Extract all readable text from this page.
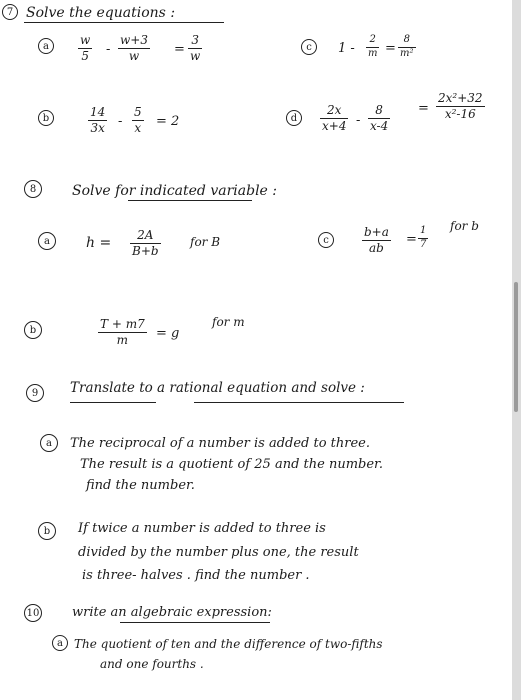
7 Solve the equations :
a	w
5 -
w+3
w	=
3
w
c	1 -
2
m =
8
m²
b	14
3x -
5
x = 2	d
2x
x+4 -
8
x-4
=
2x²+32
x²-16
8	Solve for indicated variable :
a	h = 2A
B+b
for B	c
b+a
ab
=
1
7
for b
b	T + m7
m = g
for m
9	Translate to a rational equation and solve :
a	The reciprocal of a number is added to three.
The result is a quotient of 25 and the number.
find the number.
b	If twice a number is added to three is
divided by the number plus one, the result
is three- halves . find the number .
10	write an algebraic expression:
a The quotient of ten and the difference of two-fifths
and one fourths .
